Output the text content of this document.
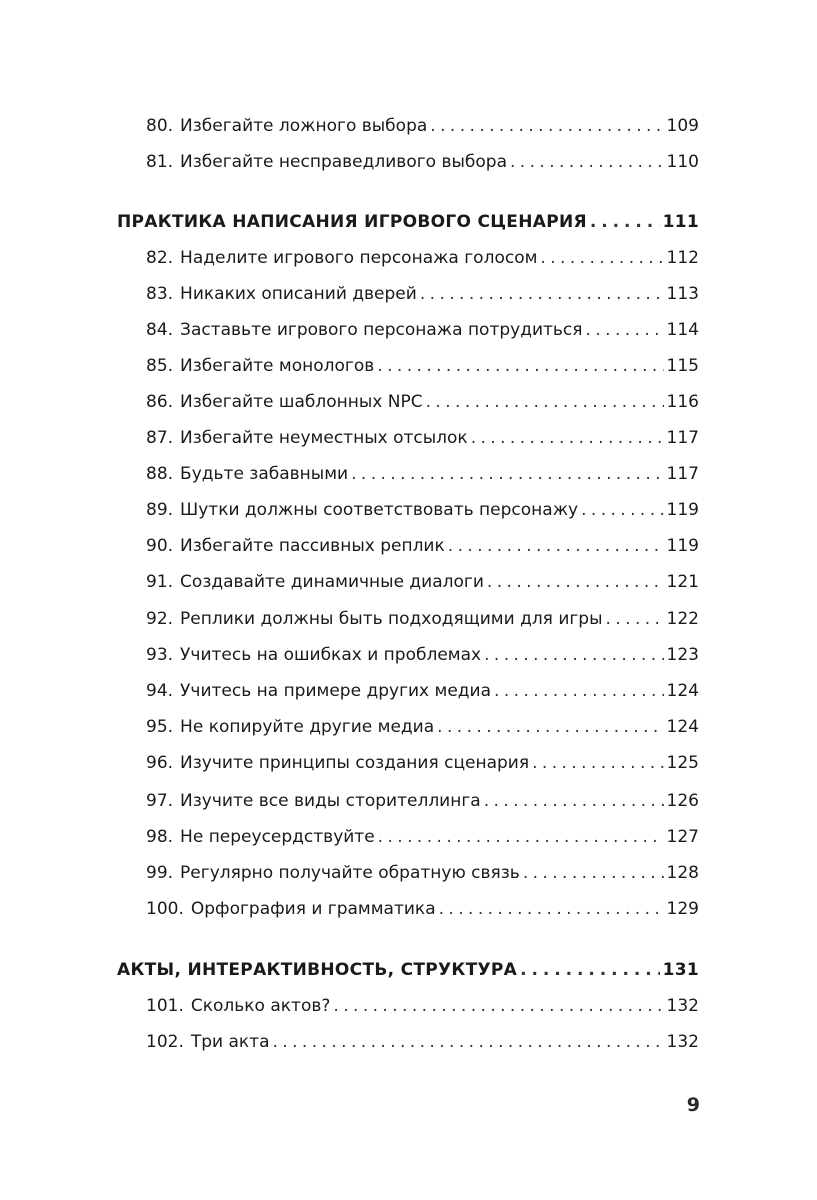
80. Избегайте ложного выбора . . .	109
81. Избегайте несправедливого выбора . . .	110
ПРАКТИКА НАПИСАНИЯ ИГРОВОГО СЦЕНАРИЯ . . .	111
82. Наделите игрового персонажа голосом . . .	112
83. Никаких описаний дверей . . .	113
84. Заставьте игрового персонажа потрудиться . . .	114
85. Избегайте монологов . . .	115
86. Избегайте шаблонных NPC . . .	116
87. Избегайте неуместных отсылок . . .	117
88. Будьте забавными . . .	117
89. Шутки должны соответствовать персонажу . . .	119
90. Избегайте пассивных реплик . . .	119
91. Создавайте динамичные диалоги . . .	121
92. Реплики должны быть подходящими для игры . . .	122
93. Учитесь на ошибках и проблемах . . .	123
94. Учитесь на примере других медиа . . .	124
95. Не копируйте другие медиа . . .	124
96. Изучите принципы создания сценария . . .	125
97. Изучите все виды сторителлинга . . .	126
98. Не переусердствуйте . . .	127
99. Регулярно получайте обратную связь . . .	128
100. Орфография и грамматика . . .	129
АКТЫ, ИНТЕРАКТИВНОСТЬ, СТРУКТУРА . . .	131
101. Сколько актов? . . .	132
102. Три акта . . .	132
9
